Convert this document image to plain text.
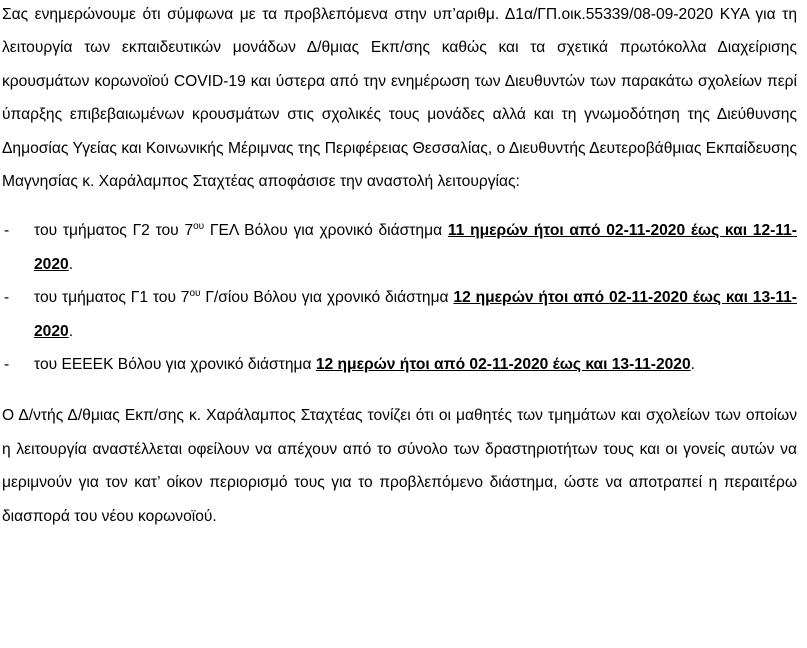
Σας ενημερώνουμε ότι σύμφωνα με τα προβλεπόμενα στην υπ’αριθμ. Δ1α/ΓΠ.οικ.55339/08-09-2020 ΚΥΑ για τη λειτουργία των εκπαιδευτικών μονάδων Δ/θμιας Εκπ/σης καθώς και τα σχετικά πρωτόκολλα Διαχείρισης κρουσμάτων κορωνοϊού COVID-19 και ύστερα από την ενημέρωση των Διευθυντών των παρακάτω σχολείων περί ύπαρξης επιβεβαιωμένων κρουσμάτων στις σχολικές τους μονάδες αλλά και τη γνωμοδότηση της Διεύθυνσης Δημοσίας Υγείας και Κοινωνικής Μέριμνας της Περιφέρειας Θεσσαλίας, ο Διευθυντής Δευτεροβάθμιας Εκπαίδευσης Μαγνησίας κ. Χαράλαμπος Σταχτέας αποφάσισε την αναστολή λειτουργίας:

- του τμήματος Γ2 του $7^{o\upsilon}$ ΓΕΛ Βόλου για χρονικό διάστημα 11 ημερών ήτοι από 02-11-2020 έως και 12-11-2020.
- του τμήματος Γ1 του $7^{o\upsilon}$ Γ/σίου Βόλου για χρονικό διάστημα 12 ημερών ήτοι από 02-11-2020 έως και 13-11-2020.
- του ΕΕΕΕΚ Βόλου για χρονικό διάστημα 12 ημερών ήτοι από 02-11-2020 έως και 13-11-2020.

Ο Δ/ντής Δ/θμιας Εκπ/σης κ. Χαράλαμπος Σταχτέας τονίζει ότι οι μαθητές των τμημάτων και σχολείων των οποίων η λειτουργία αναστέλλεται οφείλουν να απέχουν από το σύνολο των δραστηριοτήτων τους και οι γονείς αυτών να μεριμνούν για τον κατ’ οίκον περιορισμό τους για το προβλεπόμενο διάστημα, ώστε να αποτραπεί η περαιτέρω διασπορά του νέου κορωνοϊού.
